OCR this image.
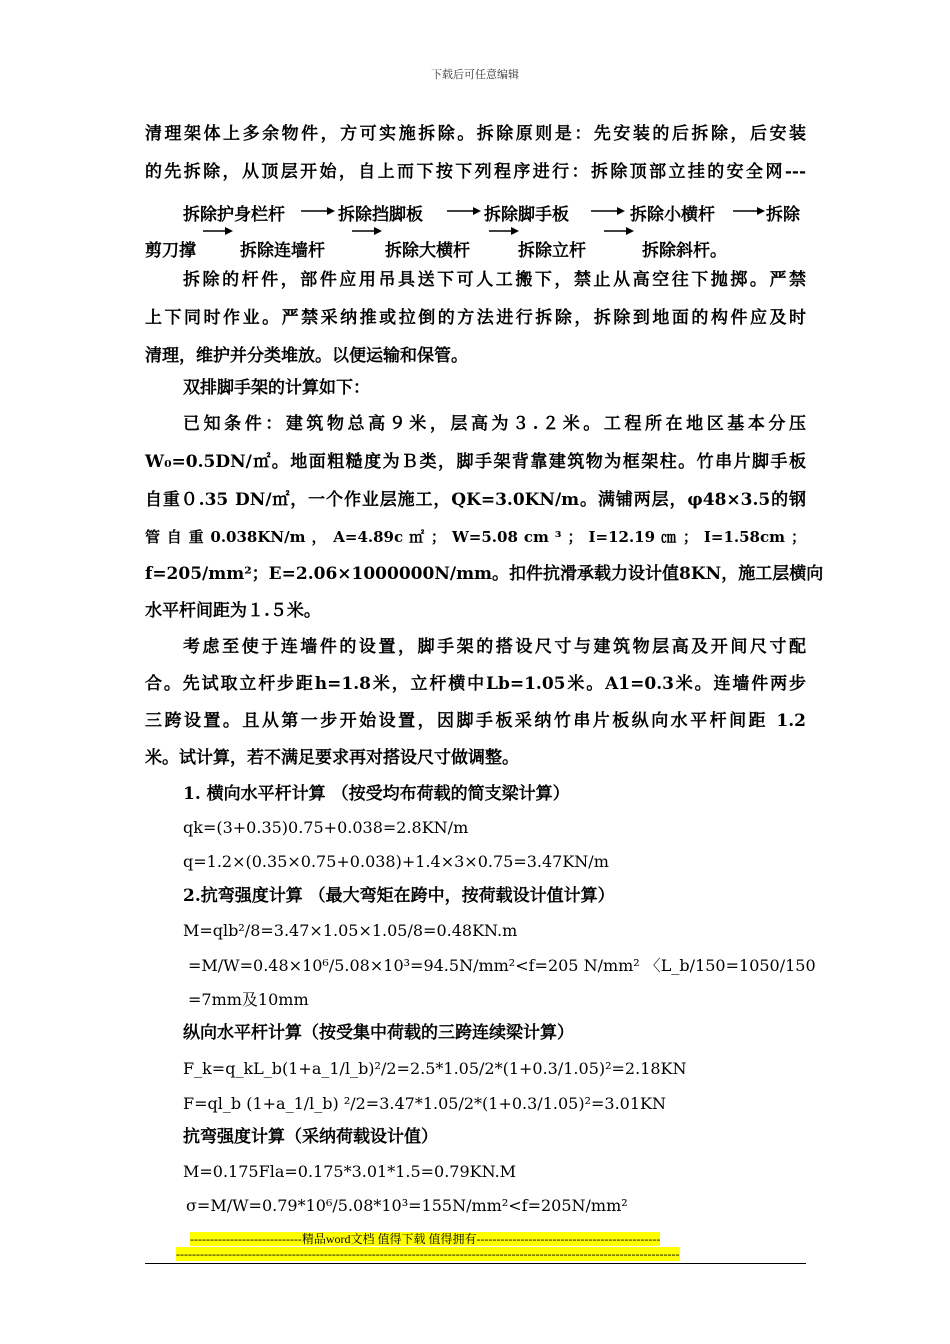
下载后可任意编辑
清理架体上多余物件，方可实施拆除。拆除原则是：先安装的后拆除，后安装
的先拆除，从顶层开始，自上而下按下列程序进行：拆除顶部立挂的安全网---
拆除护身栏杆	拆除挡脚板	拆除脚手板	拆除小横杆	拆除
剪刀撑	拆除连墙杆	拆除大横杆	拆除立杆	拆除斜杆。
拆除的杆件，部件应用吊具送下可人工搬下，禁止从高空往下抛掷。严禁
上下同时作业。严禁采纳推或拉倒的方法进行拆除，拆除到地面的构件应及时
清理，维护并分类堆放。以便运输和保管。
双排脚手架的计算如下：
已知条件：建筑物总高９米，层高为３.２米。工程所在地区基本分压
W₀=0.5DN/㎡。地面粗糙度为Ｂ类，脚手架背靠建筑物为框架柱。竹串片脚手板
自重０.35 DN/㎡，一个作业层施工，QK=3.0KN/m。满铺两层，φ48×3.5的钢
管 自 重 0.038KN/m ， A=4.89c ㎡ ； W=5.08 cm ³ ； I=12.19 ㎝ ； I=1.58cm ；
f=205/mm²；E=2.06×1000000N/mm。扣件抗滑承载力设计值8KN，施工层横向
水平杆间距为１.５米。
考虑至使于连墙件的设置，脚手架的搭设尺寸与建筑物层高及开间尺寸配
合。先试取立杆步距h=1.8米，立杆横中Lb=1.05米。A1=0.3米。连墙件两步
三跨设置。且从第一步开始设置，因脚手板采纳竹串片板纵向水平杆间距 1.2
米。试计算，若不满足要求再对搭设尺寸做调整。
1. 横向水平杆计算 （按受均布荷载的简支梁计算）
qk=(3+0.35)0.75+0.038=2.8KN/m
q=1.2×(0.35×0.75+0.038)+1.4×3×0.75=3.47KN/m
2.抗弯强度计算 （最大弯矩在跨中，按荷载设计值计算）
M=qlb²/8=3.47×1.05×1.05/8=0.48KN.m
=M/W=0.48×10⁶/5.08×10³=94.5N/mm²<f=205 N/mm² 〈L_b/150=1050/150
=7mm及10mm
纵向水平杆计算（按受集中荷载的三跨连续梁计算）
F_k=q_kL_b(1+a_1/l_b)²/2=2.5*1.05/2*(1+0.3/1.05)²=2.18KN
F=ql_b (1+a_1/l_b) ²/2=3.47*1.05/2*(1+0.3/1.05)²=3.01KN
抗弯强度计算（采纳荷载设计值）
M=0.175Fla=0.175*3.01*1.5=0.79KN.M
σ=M/W=0.79*10⁶/5.08*10³=155N/mm²<f=205N/mm²
----------------------------精品word文档 值得下载 值得拥有----------------------------------------------
------------------------------------------------------------------------------------------------------------------------------
